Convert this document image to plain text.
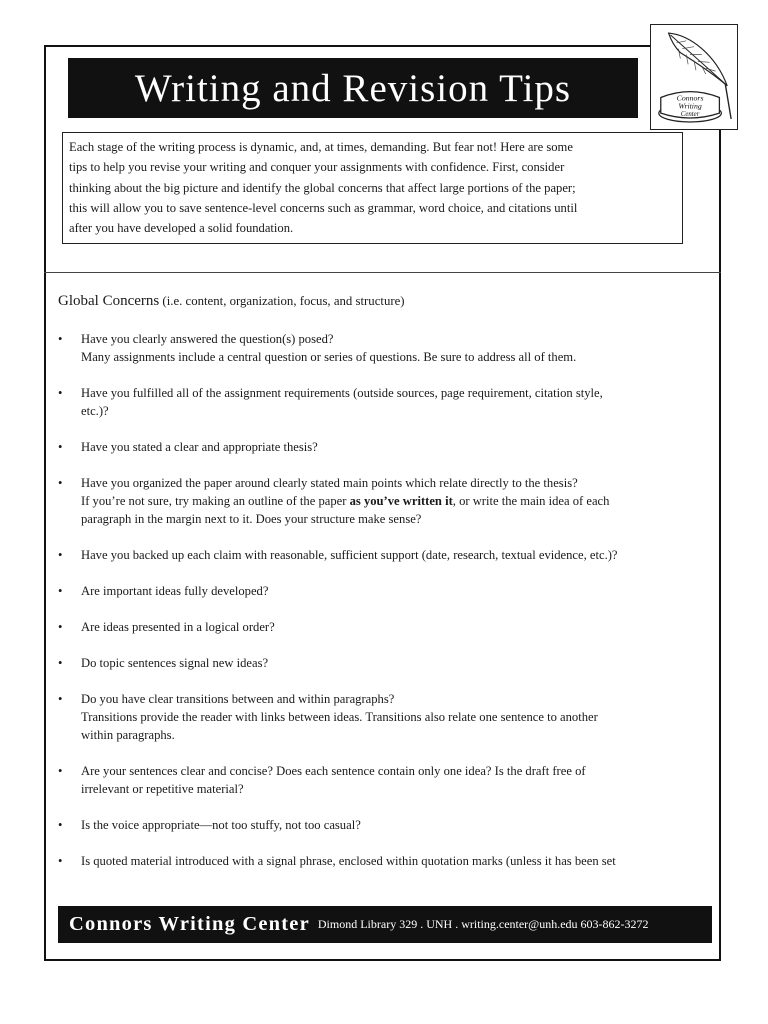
Connors
Writing
Center
Writing and Revision Tips
Each stage of the writing process is dynamic, and, at times, demanding. But fear not! Here are some
tips to help you revise your writing and conquer your assignments with confidence. First, consider
thinking about the big picture and identify the global concerns that affect large portions of the paper;
this will allow you to save sentence-level concerns such as grammar, word choice, and citations until
after you have developed a solid foundation.
Global Concerns (i.e. content, organization, focus, and structure)
• Have you clearly answered the question(s) posed?
Many assignments include a central question or series of questions. Be sure to address all of them.
• Have you fulfilled all of the assignment requirements (outside sources, page requirement, citation style,
etc.)?
• Have you stated a clear and appropriate thesis?
• Have you organized the paper around clearly stated main points which relate directly to the thesis?
If you’re not sure, try making an outline of the paper as you’ve written it, or write the main idea of each
paragraph in the margin next to it. Does your structure make sense?
• Have you backed up each claim with reasonable, sufficient support (date, research, textual evidence, etc.)?
• Are important ideas fully developed?
• Are ideas presented in a logical order?
• Do topic sentences signal new ideas?
• Do you have clear transitions between and within paragraphs?
Transitions provide the reader with links between ideas. Transitions also relate one sentence to another
within paragraphs.
• Are your sentences clear and concise? Does each sentence contain only one idea? Is the draft free of
irrelevant or repetitive material?
• Is the voice appropriate—not too stuffy, not too casual?
• Is quoted material introduced with a signal phrase, enclosed within quotation marks (unless it has been set
Connors Writing Center Dimond Library 329 . UNH . writing.center@unh.edu 603-862-3272
